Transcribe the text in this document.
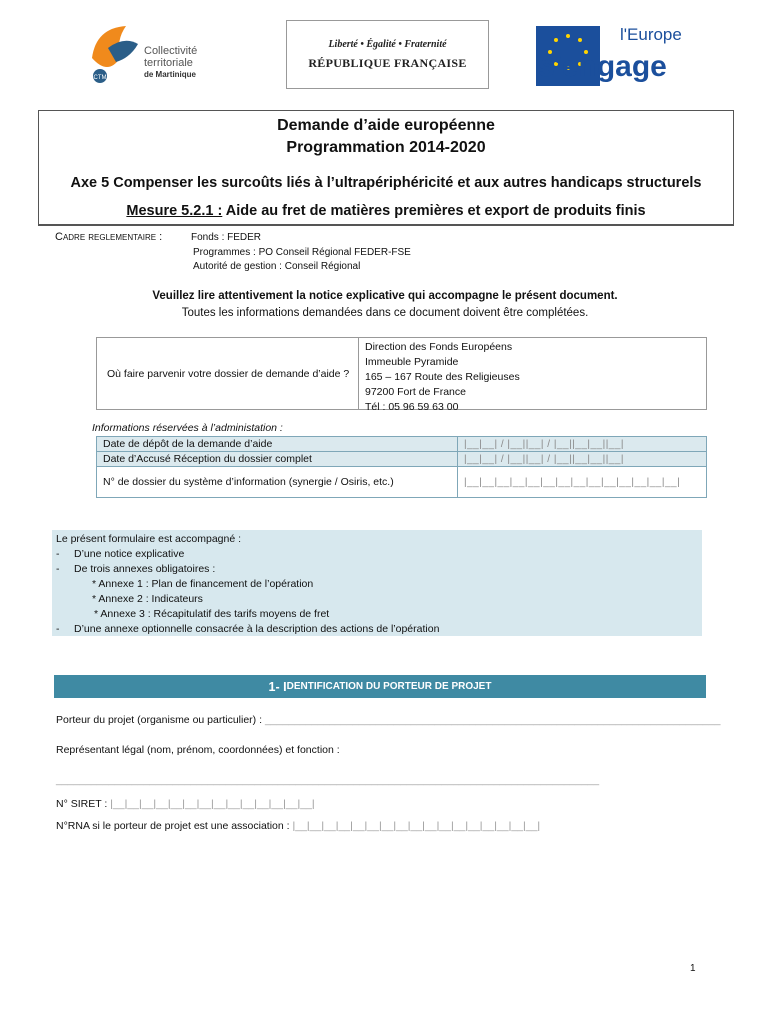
CTM
Collectivité
territoriale
de Martinique
Liberté • Égalité • Fraternité
RÉPUBLIQUE FRANÇAISE
l'Europe
s'engage
Demande d’aide européenne
Programmation 2014-2020
Axe 5 Compenser les surcoûts liés à l’ultrapériphéricité et aux autres handicaps structurels
Mesure 5.2.1 : Aide au fret de matières premières et export de produits finis
Cadre reglementaire :	Fonds : FEDER
Programmes : PO Conseil Régional FEDER-FSE
Autorité de gestion : Conseil Régional
Veuillez lire attentivement la notice explicative qui accompagne le présent document.
Toutes les informations demandées dans ce document doivent être complétées.
Où faire parvenir votre dossier de demande d’aide ?
Direction des Fonds Européens
Immeuble Pyramide
165 – 167 Route des Religieuses
97200 Fort de France
Tél : 05 96 59 63 00
Informations réservées à l’administation :
Date de dépôt de la demande d’aide	|__|__| / |__||__| / |__||__|__||__|
Date d’Accusé Réception du dossier complet	|__|__| / |__||__| / |__||__|__||__|
N° de dossier du système d’information (synergie / Osiris, etc.)	|__|__|__|__|__|__|__|__|__|__|__|__|__|__|
Le présent formulaire est accompagné :
- D’une notice explicative
- De trois annexes obligatoires :
* Annexe 1 : Plan de financement de l’opération
* Annexe 2 : Indicateurs
* Annexe 3 : Récapitulatif des tarifs moyens de fret
- D’une annexe optionnelle consacrée à la description des actions de l’opération
1-
I DENTIFICATION DU PORTEUR DE PROJET
Porteur du projet (organisme ou particulier) : ______________________________________________________________________________
Représentant légal (nom, prénom, coordonnées) et fonction :
_____________________________________________________________________________________________
N° SIRET : |__|__|__|__|__|__|__|__|__|__|__|__|__|__|
N°RNA si le porteur de projet est une association : |__|__|__|__|__|__|__|__|__|__|__|__|__|__|__|__|__|
1
